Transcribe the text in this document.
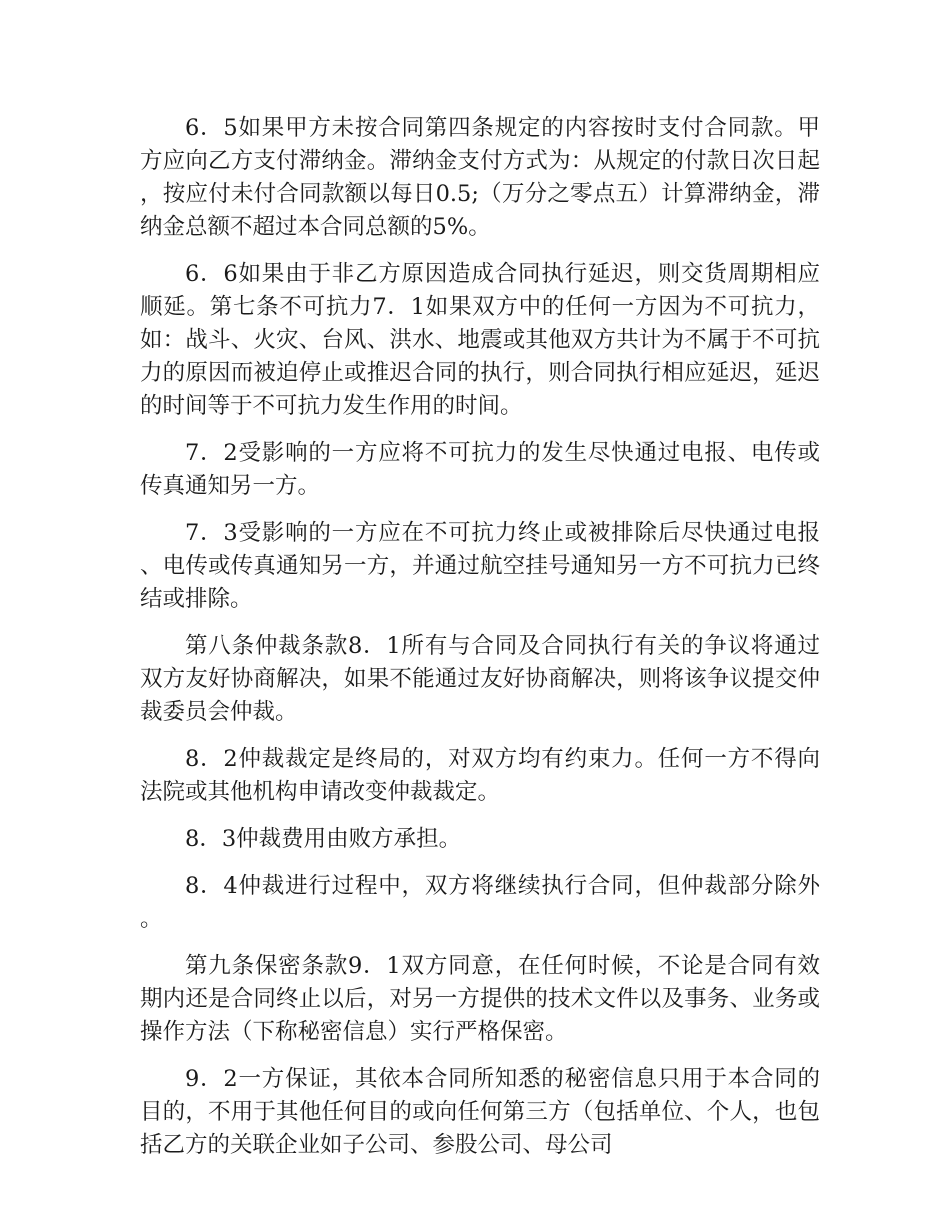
6．5如果甲方未按合同第四条规定的内容按时支付合同款。甲方应向乙方支付滞纳金。滞纳金支付方式为：从规定的付款日次日起，按应付未付合同款额以每日0.5;（万分之零点五）计算滞纳金，滞纳金总额不超过本合同总额的5%。

6．6如果由于非乙方原因造成合同执行延迟，则交货周期相应顺延。第七条不可抗力7．1如果双方中的任何一方因为不可抗力，如：战斗、火灾、台风、洪水、地震或其他双方共计为不属于不可抗力的原因而被迫停止或推迟合同的执行，则合同执行相应延迟，延迟的时间等于不可抗力发生作用的时间。

7．2受影响的一方应将不可抗力的发生尽快通过电报、电传或传真通知另一方。

7．3受影响的一方应在不可抗力终止或被排除后尽快通过电报、电传或传真通知另一方，并通过航空挂号通知另一方不可抗力已终结或排除。

第八条仲裁条款8．1所有与合同及合同执行有关的争议将通过双方友好协商解决，如果不能通过友好协商解决，则将该争议提交仲裁委员会仲裁。

8．2仲裁裁定是终局的，对双方均有约束力。任何一方不得向法院或其他机构申请改变仲裁裁定。

8．3仲裁费用由败方承担。

8．4仲裁进行过程中，双方将继续执行合同，但仲裁部分除外。

第九条保密条款9．1双方同意，在任何时候，不论是合同有效期内还是合同终止以后，对另一方提供的技术文件以及事务、业务或操作方法（下称秘密信息）实行严格保密。

9．2一方保证，其依本合同所知悉的秘密信息只用于本合同的目的，不用于其他任何目的或向任何第三方（包括单位、个人，也包括乙方的关联企业如子公司、参股公司、母公司
